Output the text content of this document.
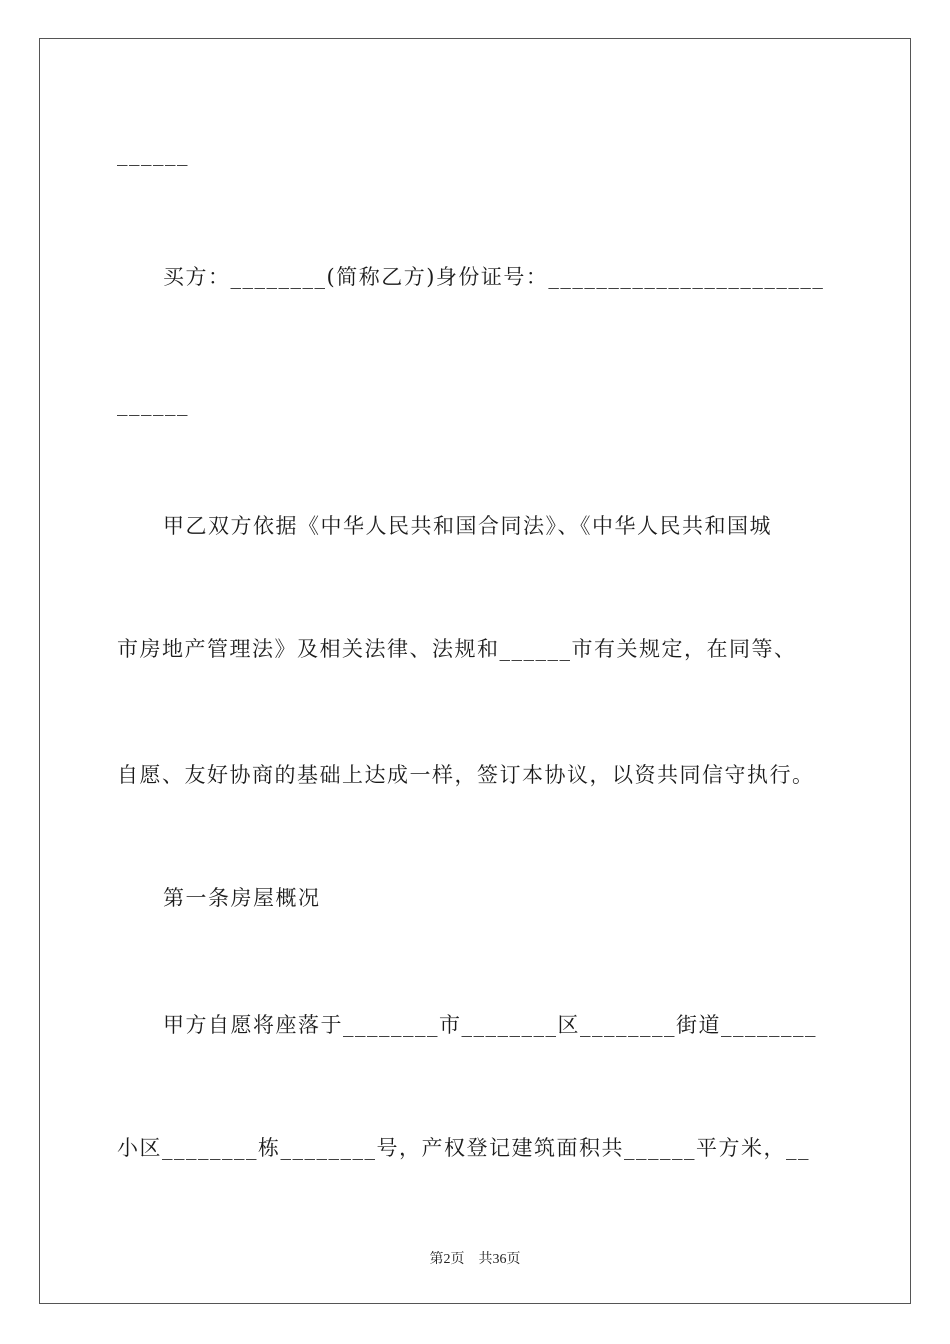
______
买方：________(简称乙方)身份证号：_______________________
______
甲乙双方依据《中华人民共和国合同法》、《中华人民共和国城
市房地产管理法》及相关法律、法规和______市有关规定，在同等、
自愿、友好协商的基础上达成一样，签订本协议，以资共同信守执行。
第一条房屋概况
甲方自愿将座落于________市________区________街道________
小区________栋________号，产权登记建筑面积共______平方米，__
第2页　共36页
